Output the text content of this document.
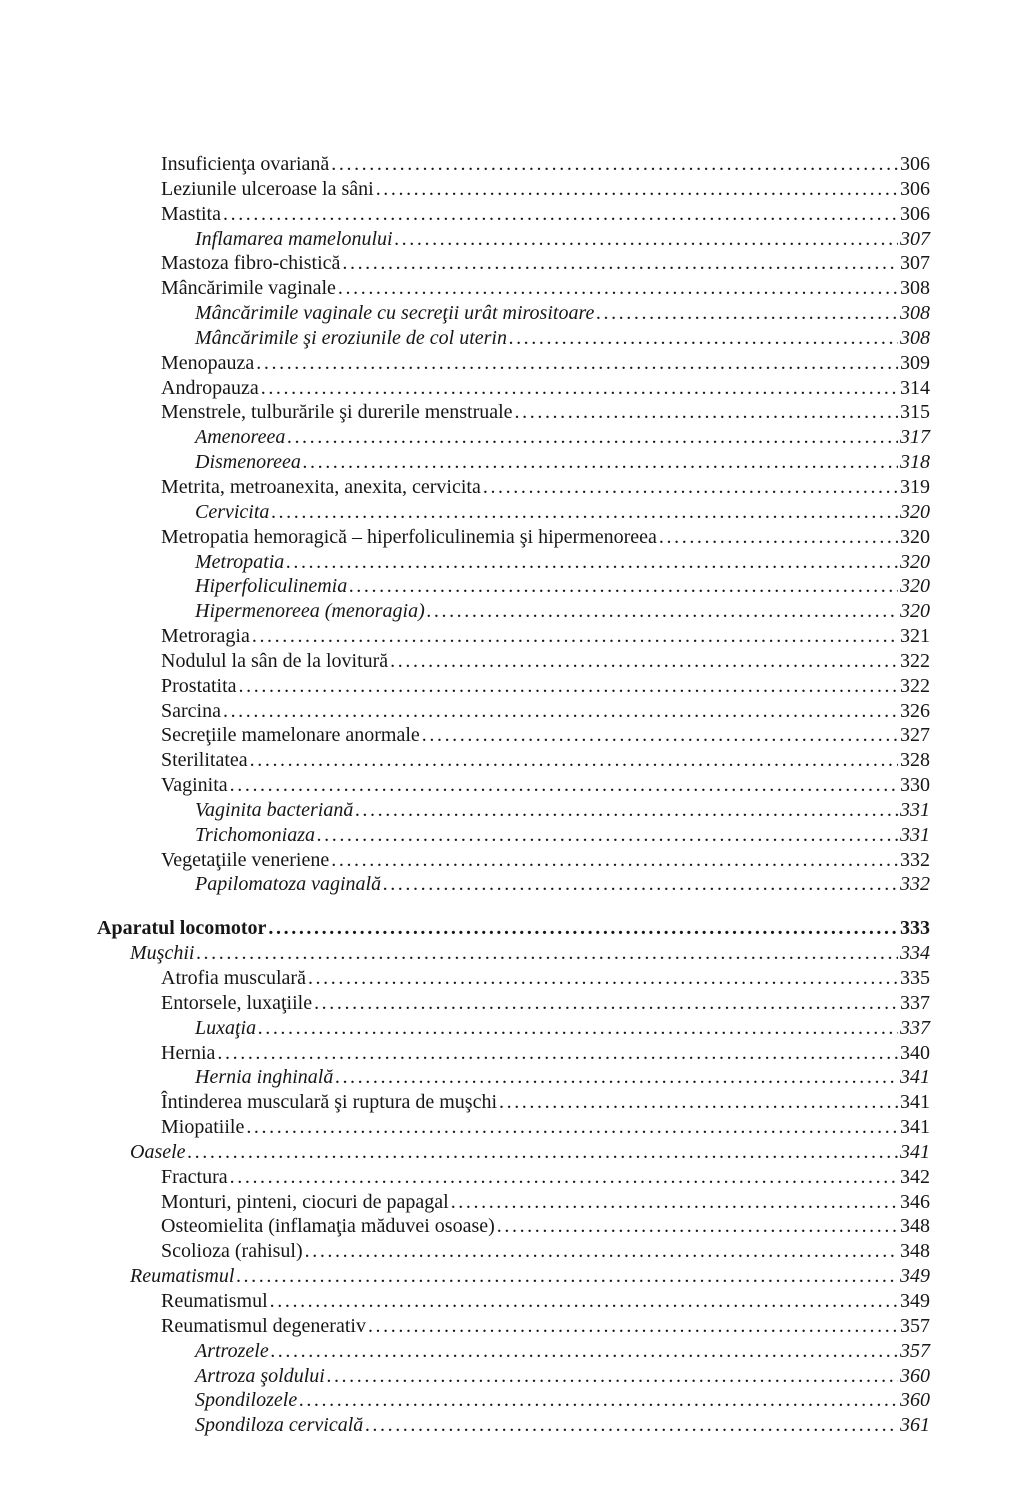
Insuficienţa ovariană .....	306
Leziunile ulceroase la sâni .....	306
Mastita .....	306
Inflamarea mamelonului .....	307
Mastoza fibro-chistică .....	307
Mâncărimile vaginale .....	308
Mâncărimile vaginale cu secreţii urât mirositoare .....	308
Mâncărimile şi eroziunile de col uterin .....	308
Menopauza .....	309
Andropauza .....	314
Menstrele, tulburările şi durerile menstruale .....	315
Amenoreea .....	317
Dismenoreea .....	318
Metrita, metroanexita, anexita, cervicita .....	319
Cervicita .....	320
Metropatia hemoragică – hiperfoliculinemia şi hipermenoreea .....	320
Metropatia .....	320
Hiperfoliculinemia .....	320
Hipermenoreea (menoragia) .....	320
Metroragia .....	321
Nodulul la sân de la lovitură .....	322
Prostatita .....	322
Sarcina .....	326
Secreţiile mamelonare anormale .....	327
Sterilitatea .....	328
Vaginita .....	330
Vaginita bacteriană .....	331
Trichomoniaza .....	331
Vegetaţiile veneriene .....	332
Papilomatoza vaginală .....	332
Aparatul locomotor .....	333
Muşchii .....	334
Atrofia musculară .....	335
Entorsele, luxaţiile .....	337
Luxaţia .....	337
Hernia .....	340
Hernia inghinală .....	341
Întinderea musculară şi ruptura de muşchi .....	341
Miopatiile .....	341
Oasele .....	341
Fractura .....	342
Monturi, pinteni, ciocuri de papagal .....	346
Osteomielita (inflamaţia măduvei osoase) .....	348
Scolioza (rahisul) .....	348
Reumatismul .....	349
Reumatismul .....	349
Reumatismul degenerativ .....	357
Artrozele .....	357
Artroza şoldului .....	360
Spondilozele .....	360
Spondiloza cervicală .....	361
